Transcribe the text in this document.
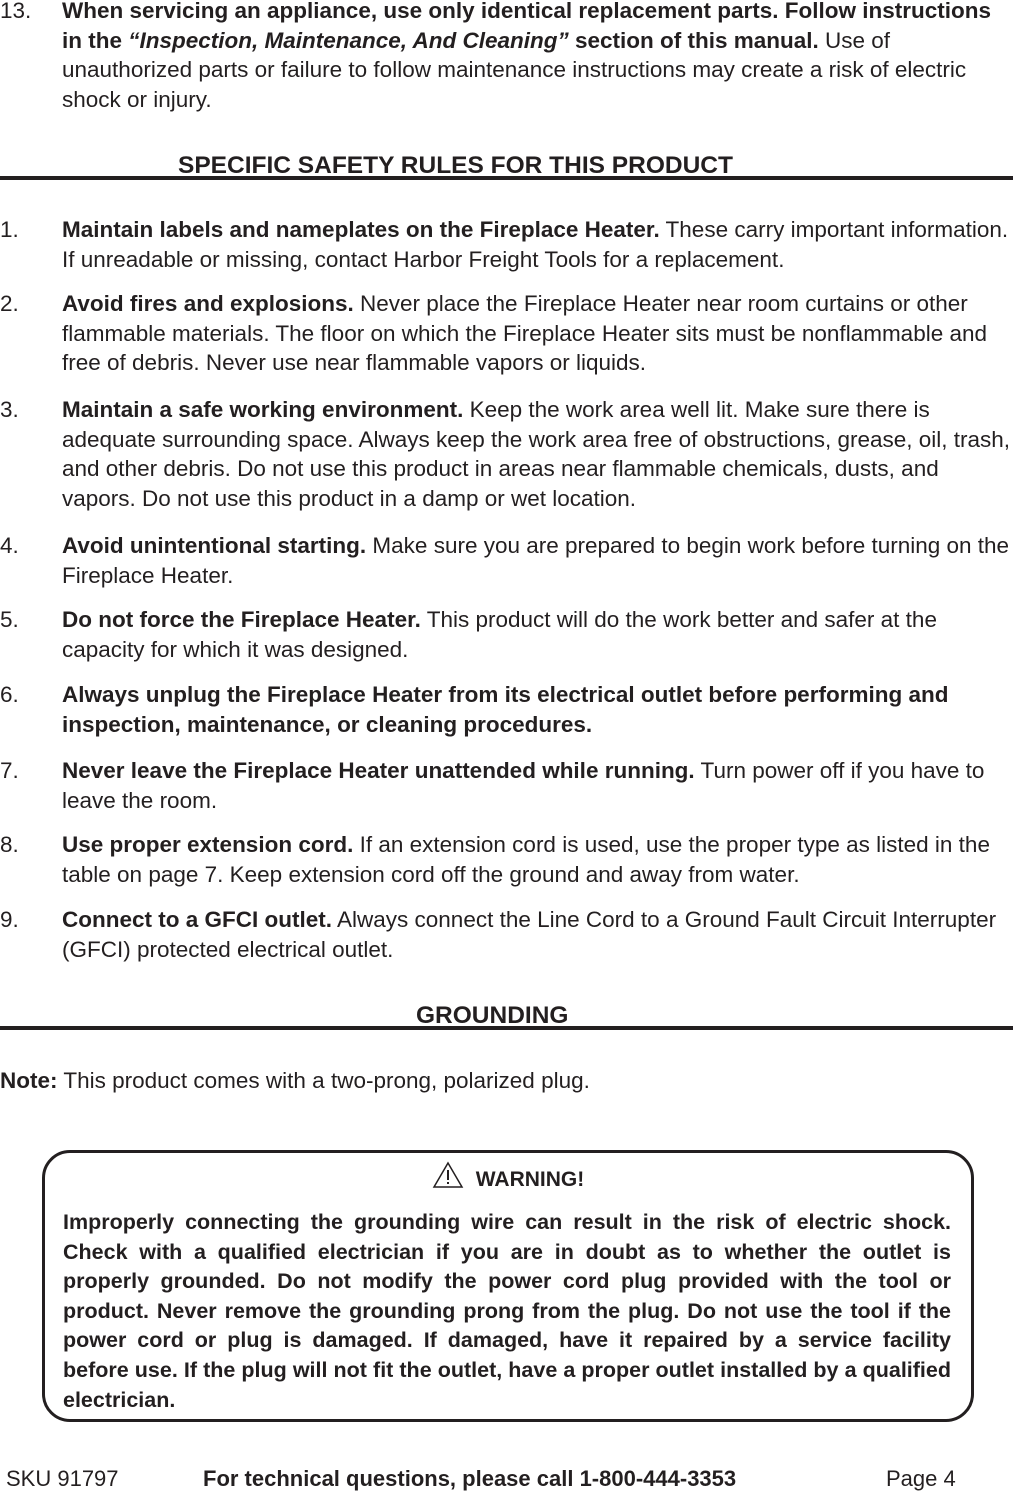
13. When servicing an appliance, use only identical replacement parts. Follow instructions in the “Inspection, Maintenance, And Cleaning” section of this manual. Use of unauthorized parts or failure to follow maintenance instructions may create a risk of electric shock or injury.
SPECIFIC SAFETY RULES FOR THIS PRODUCT
1. Maintain labels and nameplates on the Fireplace Heater. These carry important information. If unreadable or missing, contact Harbor Freight Tools for a replacement.
2. Avoid fires and explosions. Never place the Fireplace Heater near room curtains or other flammable materials. The floor on which the Fireplace Heater sits must be nonflammable and free of debris. Never use near flammable vapors or liquids.
3. Maintain a safe working environment. Keep the work area well lit. Make sure there is adequate surrounding space. Always keep the work area free of obstructions, grease, oil, trash, and other debris. Do not use this product in areas near flammable chemicals, dusts, and vapors. Do not use this product in a damp or wet location.
4. Avoid unintentional starting. Make sure you are prepared to begin work before turning on the Fireplace Heater.
5. Do not force the Fireplace Heater. This product will do the work better and safer at the capacity for which it was designed.
6. Always unplug the Fireplace Heater from its electrical outlet before performing and inspection, maintenance, or cleaning procedures.
7. Never leave the Fireplace Heater unattended while running. Turn power off if you have to leave the room.
8. Use proper extension cord. If an extension cord is used, use the proper type as listed in the table on page 7. Keep extension cord off the ground and away from water.
9. Connect to a GFCI outlet. Always connect the Line Cord to a Ground Fault Circuit Interrupter (GFCI) protected electrical outlet.
GROUNDING
Note: This product comes with a two-prong, polarized plug.
WARNING!
Improperly connecting the grounding wire can result in the risk of electric shock. Check with a qualified electrician if you are in doubt as to whether the outlet is properly grounded. Do not modify the power cord plug provided with the tool or product. Never remove the grounding prong from the plug. Do not use the tool if the power cord or plug is damaged. If damaged, have it repaired by a service facility before use. If the plug will not fit the outlet, have a proper outlet installed by a qualified electrician.
SKU 91797	For technical questions, please call 1-800-444-3353	Page 4
